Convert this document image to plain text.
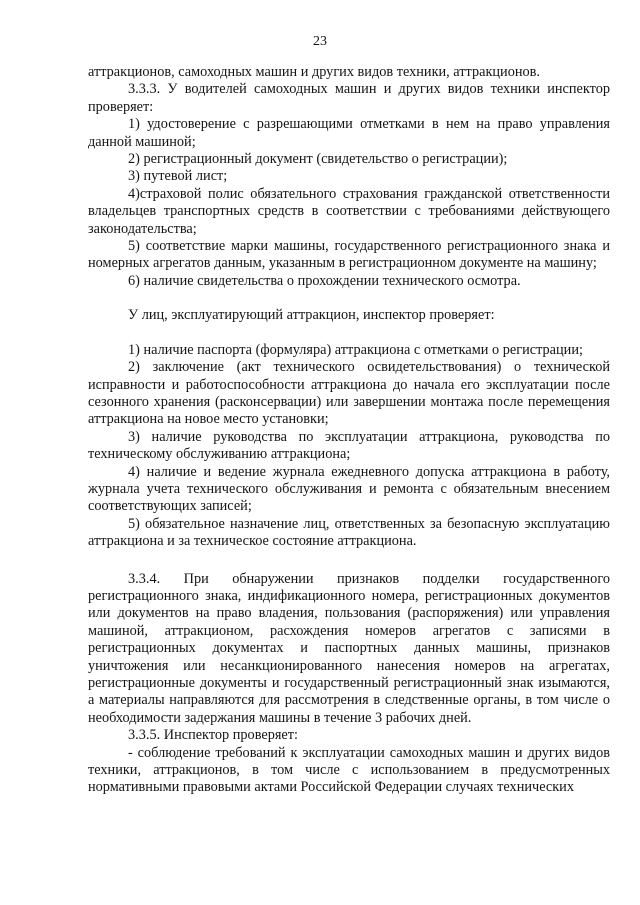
23

аттракционов, самоходных машин и других видов техники, аттракционов.

3.3.3. У водителей самоходных машин и других видов техники инспектор проверяет:

1) удостоверение с разрешающими отметками в нем на право управления данной машиной;

2) регистрационный документ (свидетельство о регистрации);

3) путевой лист;

4)страховой полис обязательного страхования гражданской ответственности владельцев транспортных средств в соответствии с требованиями действующего законодательства;

5) соответствие марки машины, государственного регистрационного знака и номерных агрегатов данным, указанным в регистрационном документе на машину;

6) наличие свидетельства о прохождении технического осмотра.

У лиц, эксплуатирующий аттракцион, инспектор проверяет:

1) наличие паспорта (формуляра) аттракциона с отметками о регистрации;

2) заключение (акт технического освидетельствования) о технической исправности и работоспособности аттракциона до начала его эксплуатации после сезонного хранения (расконсервации) или завершении монтажа после перемещения аттракциона на новое место установки;

3) наличие руководства по эксплуатации аттракциона, руководства по техническому обслуживанию аттракциона;

4) наличие и ведение журнала ежедневного допуска аттракциона в работу, журнала учета технического обслуживания и ремонта с обязательным внесением соответствующих записей;

5) обязательное назначение лиц, ответственных за безопасную эксплуатацию аттракциона и за техническое состояние аттракциона.

3.3.4. При обнаружении признаков подделки государственного регистрационного знака, индификационного номера, регистрационных документов или документов на право владения, пользования (распоряжения) или управления машиной, аттракционом, расхождения номеров агрегатов с записями в регистрационных документах и паспортных данных машины, признаков уничтожения или несанкционированного нанесения номеров на агрегатах, регистрационные документы и государственный регистрационный знак изымаются, а материалы направляются для рассмотрения в следственные органы, в том числе о необходимости задержания машины в течение 3 рабочих дней.

3.3.5. Инспектор проверяет:

- соблюдение требований к эксплуатации самоходных машин и других видов техники, аттракционов, в том числе с использованием в предусмотренных нормативными правовыми актами Российской Федерации случаях технических
